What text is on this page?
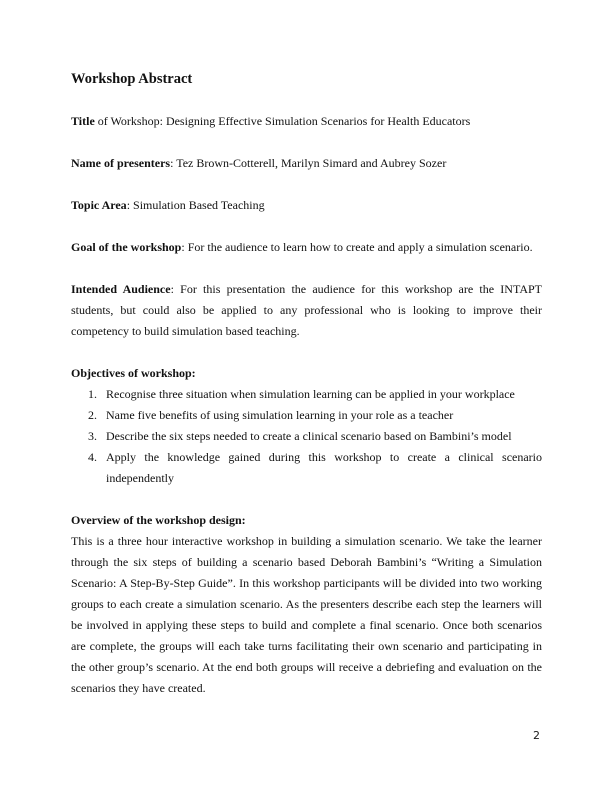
Workshop Abstract

Title of Workshop: Designing Effective Simulation Scenarios for Health Educators

Name of presenters: Tez Brown-Cotterell, Marilyn Simard and Aubrey Sozer

Topic Area: Simulation Based Teaching

Goal of the workshop: For the audience to learn how to create and apply a simulation scenario.

Intended Audience: For this presentation the audience for this workshop are the INTAPT students, but could also be applied to any professional who is looking to improve their competency to build simulation based teaching.

Objectives of workshop:

1. Recognise three situation when simulation learning can be applied in your workplace
2. Name five benefits of using simulation learning in your role as a teacher
3. Describe the six steps needed to create a clinical scenario based on Bambini’s model
4. Apply the knowledge gained during this workshop to create a clinical scenario independently

Overview of the workshop design:

This is a three hour interactive workshop in building a simulation scenario. We take the learner through the six steps of building a scenario based Deborah Bambini’s “Writing a Simulation Scenario: A Step-By-Step Guide”. In this workshop participants will be divided into two working groups to each create a simulation scenario. As the presenters describe each step the learners will be involved in applying these steps to build and complete a final scenario. Once both scenarios are complete, the groups will each take turns facilitating their own scenario and participating in the other group’s scenario. At the end both groups will receive a debriefing and evaluation on the scenarios they have created.

2
